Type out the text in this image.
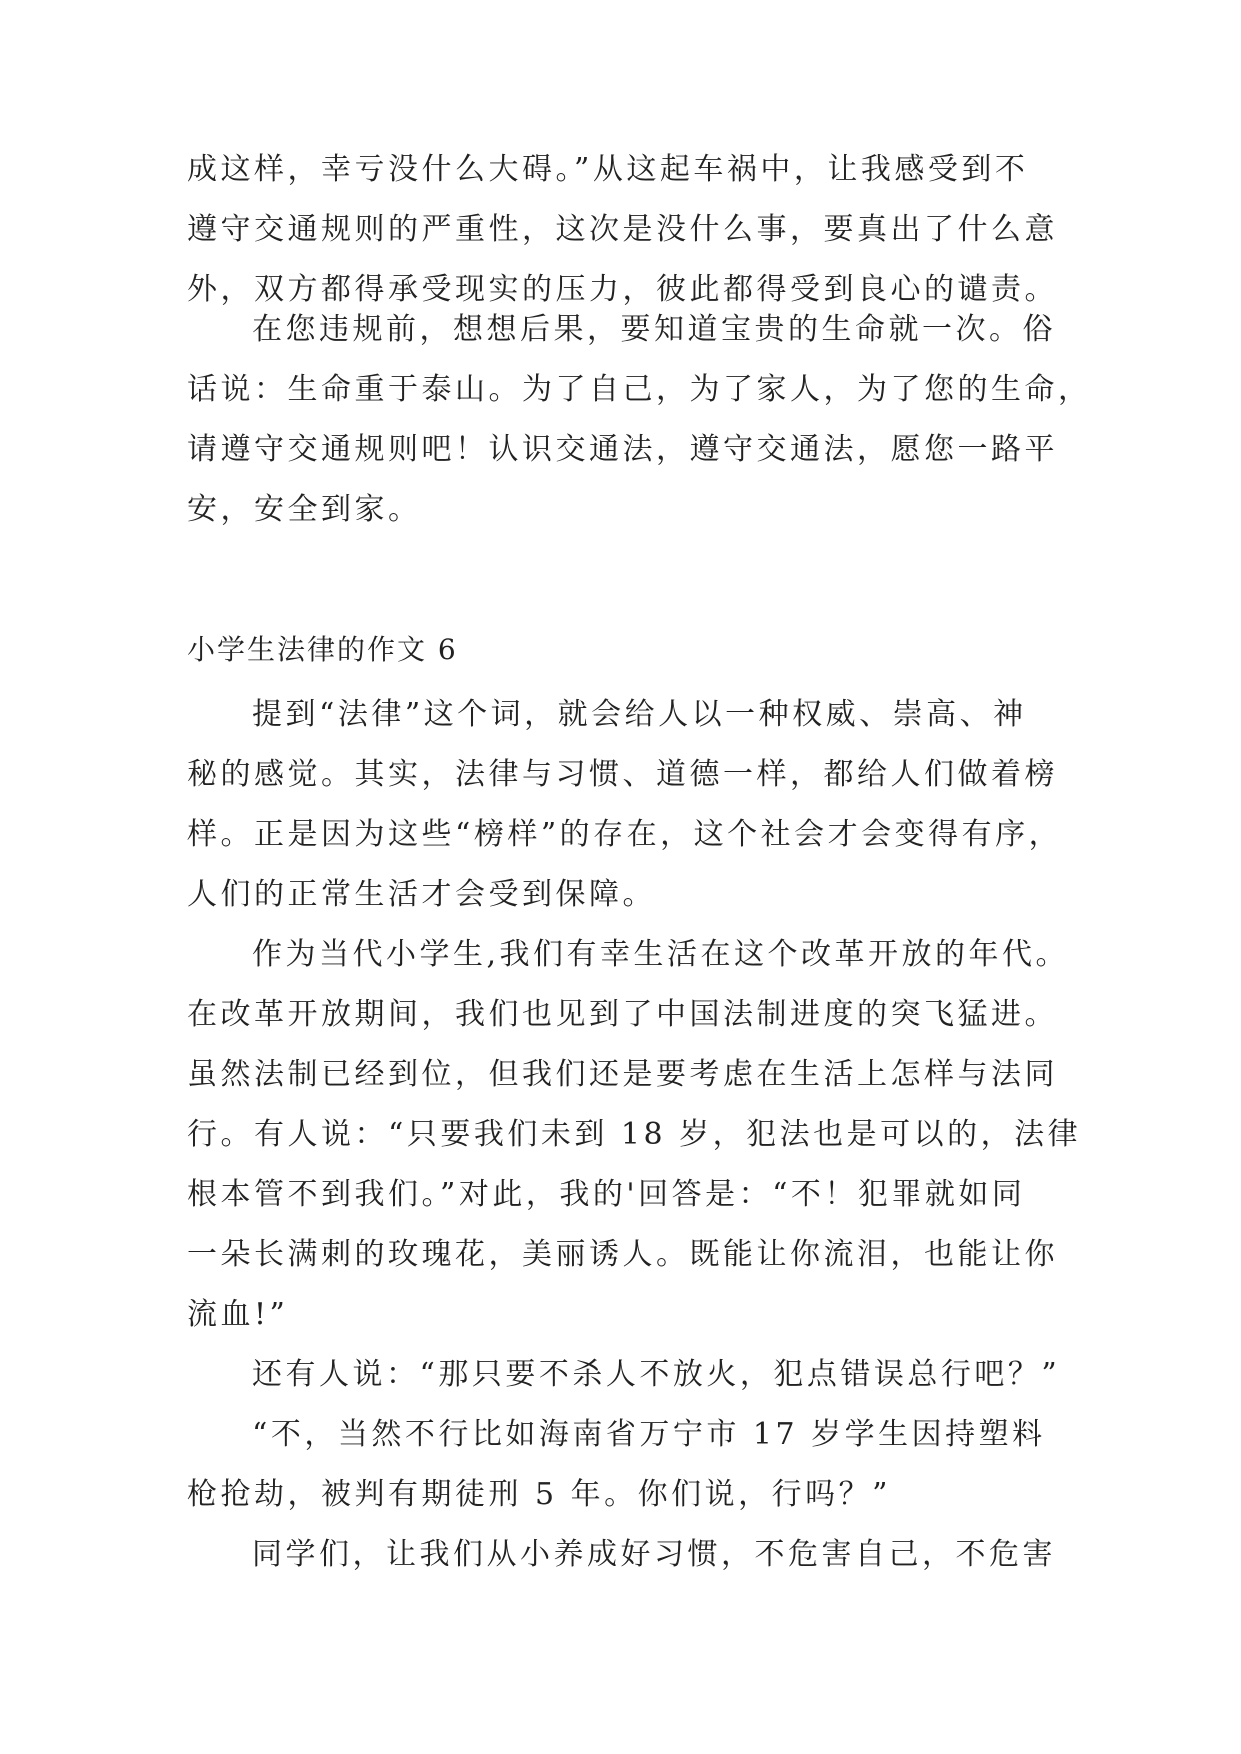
成这样，幸亏没什么大碍。”从这起车祸中，让我感受到不
遵守交通规则的严重性，这次是没什么事，要真出了什么意
外，双方都得承受现实的压力，彼此都得受到良心的谴责。
在您违规前，想想后果，要知道宝贵的生命就一次。俗
话说：生命重于泰山。为了自己，为了家人，为了您的生命，
请遵守交通规则吧！认识交通法，遵守交通法，愿您一路平
安，安全到家。
小学生法律的作文 6
提到“法律”这个词，就会给人以一种权威、崇高、神
秘的感觉。其实，法律与习惯、道德一样，都给人们做着榜
样。正是因为这些“榜样”的存在，这个社会才会变得有序，
人们的正常生活才会受到保障。
作为当代小学生,我们有幸生活在这个改革开放的年代。
在改革开放期间，我们也见到了中国法制进度的突飞猛进。
虽然法制已经到位，但我们还是要考虑在生活上怎样与法同
行。有人说：“只要我们未到 18 岁，犯法也是可以的，法律
根本管不到我们。”对此，我的'回答是：“不！犯罪就如同
一朵长满刺的玫瑰花，美丽诱人。既能让你流泪，也能让你
流血!”
还有人说：“那只要不杀人不放火，犯点错误总行吧？”
“不，当然不行比如海南省万宁市 17 岁学生因持塑料
枪抢劫，被判有期徒刑 5 年。你们说，行吗？”
同学们，让我们从小养成好习惯，不危害自己，不危害
